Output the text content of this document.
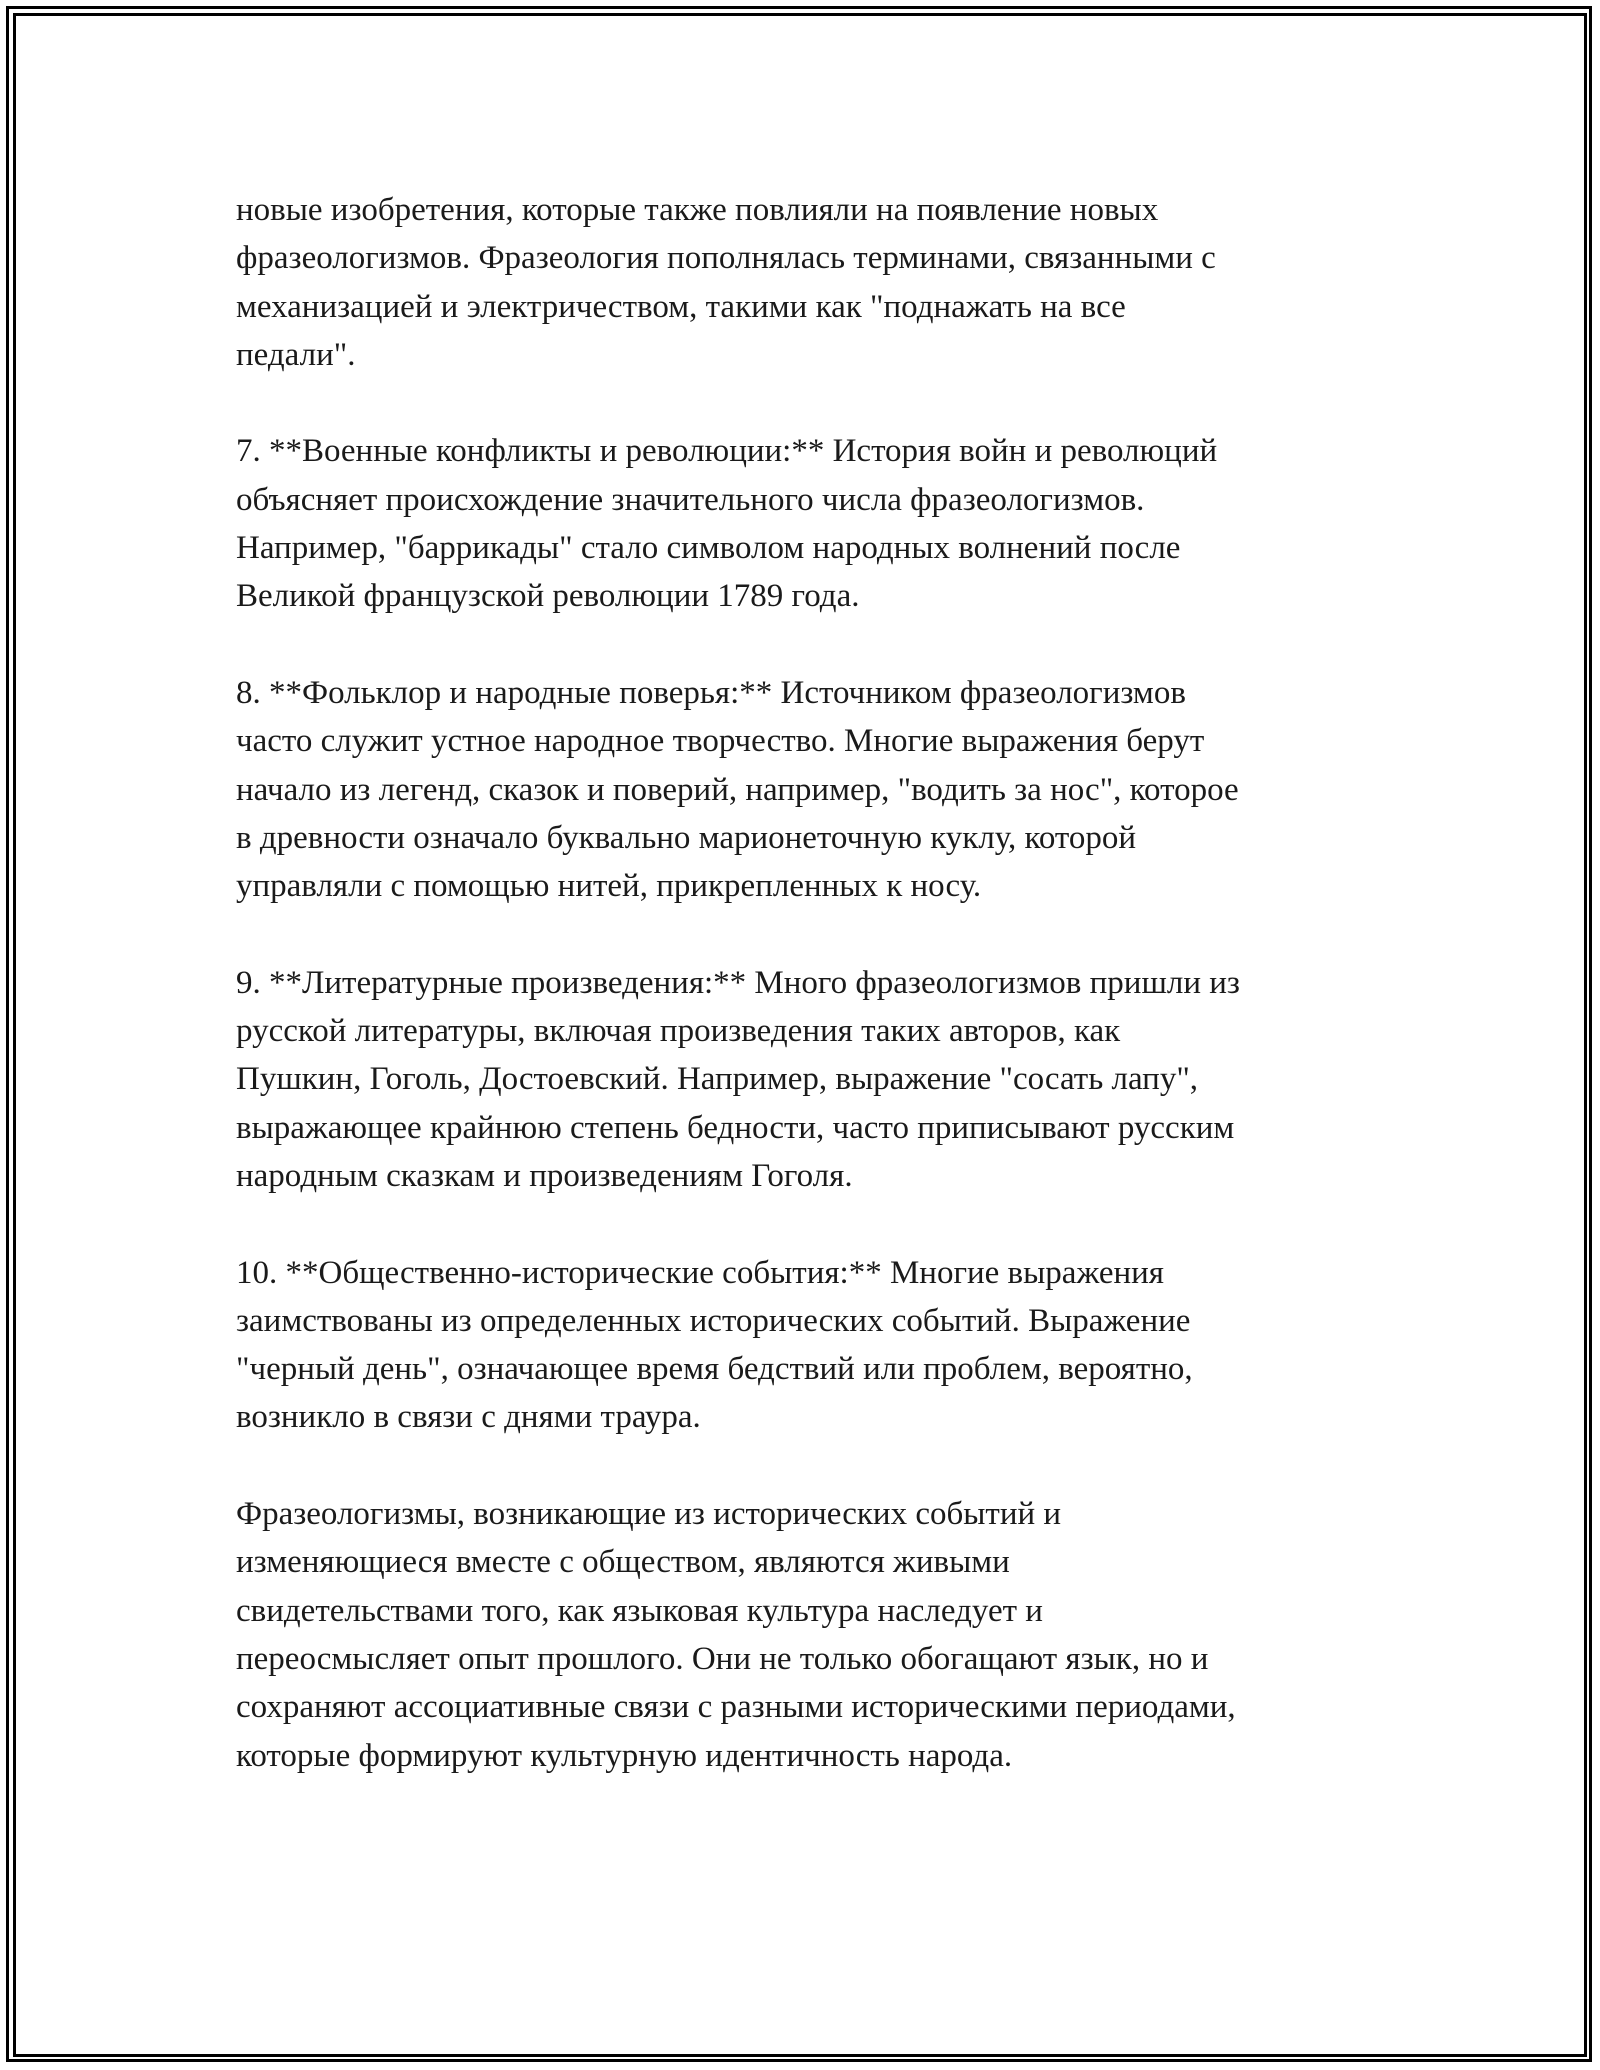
новые изобретения, которые также повлияли на появление новых
фразеологизмов. Фразеология пополнялась терминами, связанными с
механизацией и электричеством, такими как "поднажать на все
педали".
7. **Военные конфликты и революции:** История войн и революций
объясняет происхождение значительного числа фразеологизмов.
Например, "баррикады" стало символом народных волнений после
Великой французской революции 1789 года.
8. **Фольклор и народные поверья:** Источником фразеологизмов
часто служит устное народное творчество. Многие выражения берут
начало из легенд, сказок и поверий, например, "водить за нос", которое
в древности означало буквально марионеточную куклу, которой
управляли с помощью нитей, прикрепленных к носу.
9. **Литературные произведения:** Много фразеологизмов пришли из
русской литературы, включая произведения таких авторов, как
Пушкин, Гоголь, Достоевский. Например, выражение "сосать лапу",
выражающее крайнюю степень бедности, часто приписывают русским
народным сказкам и произведениям Гоголя.
10. **Общественно-исторические события:** Многие выражения
заимствованы из определенных исторических событий. Выражение
"черный день", означающее время бедствий или проблем, вероятно,
возникло в связи с днями траура.
Фразеологизмы, возникающие из исторических событий и
изменяющиеся вместе с обществом, являются живыми
свидетельствами того, как языковая культура наследует и
переосмысляет опыт прошлого. Они не только обогащают язык, но и
сохраняют ассоциативные связи с разными историческими периодами,
которые формируют культурную идентичность народа.
